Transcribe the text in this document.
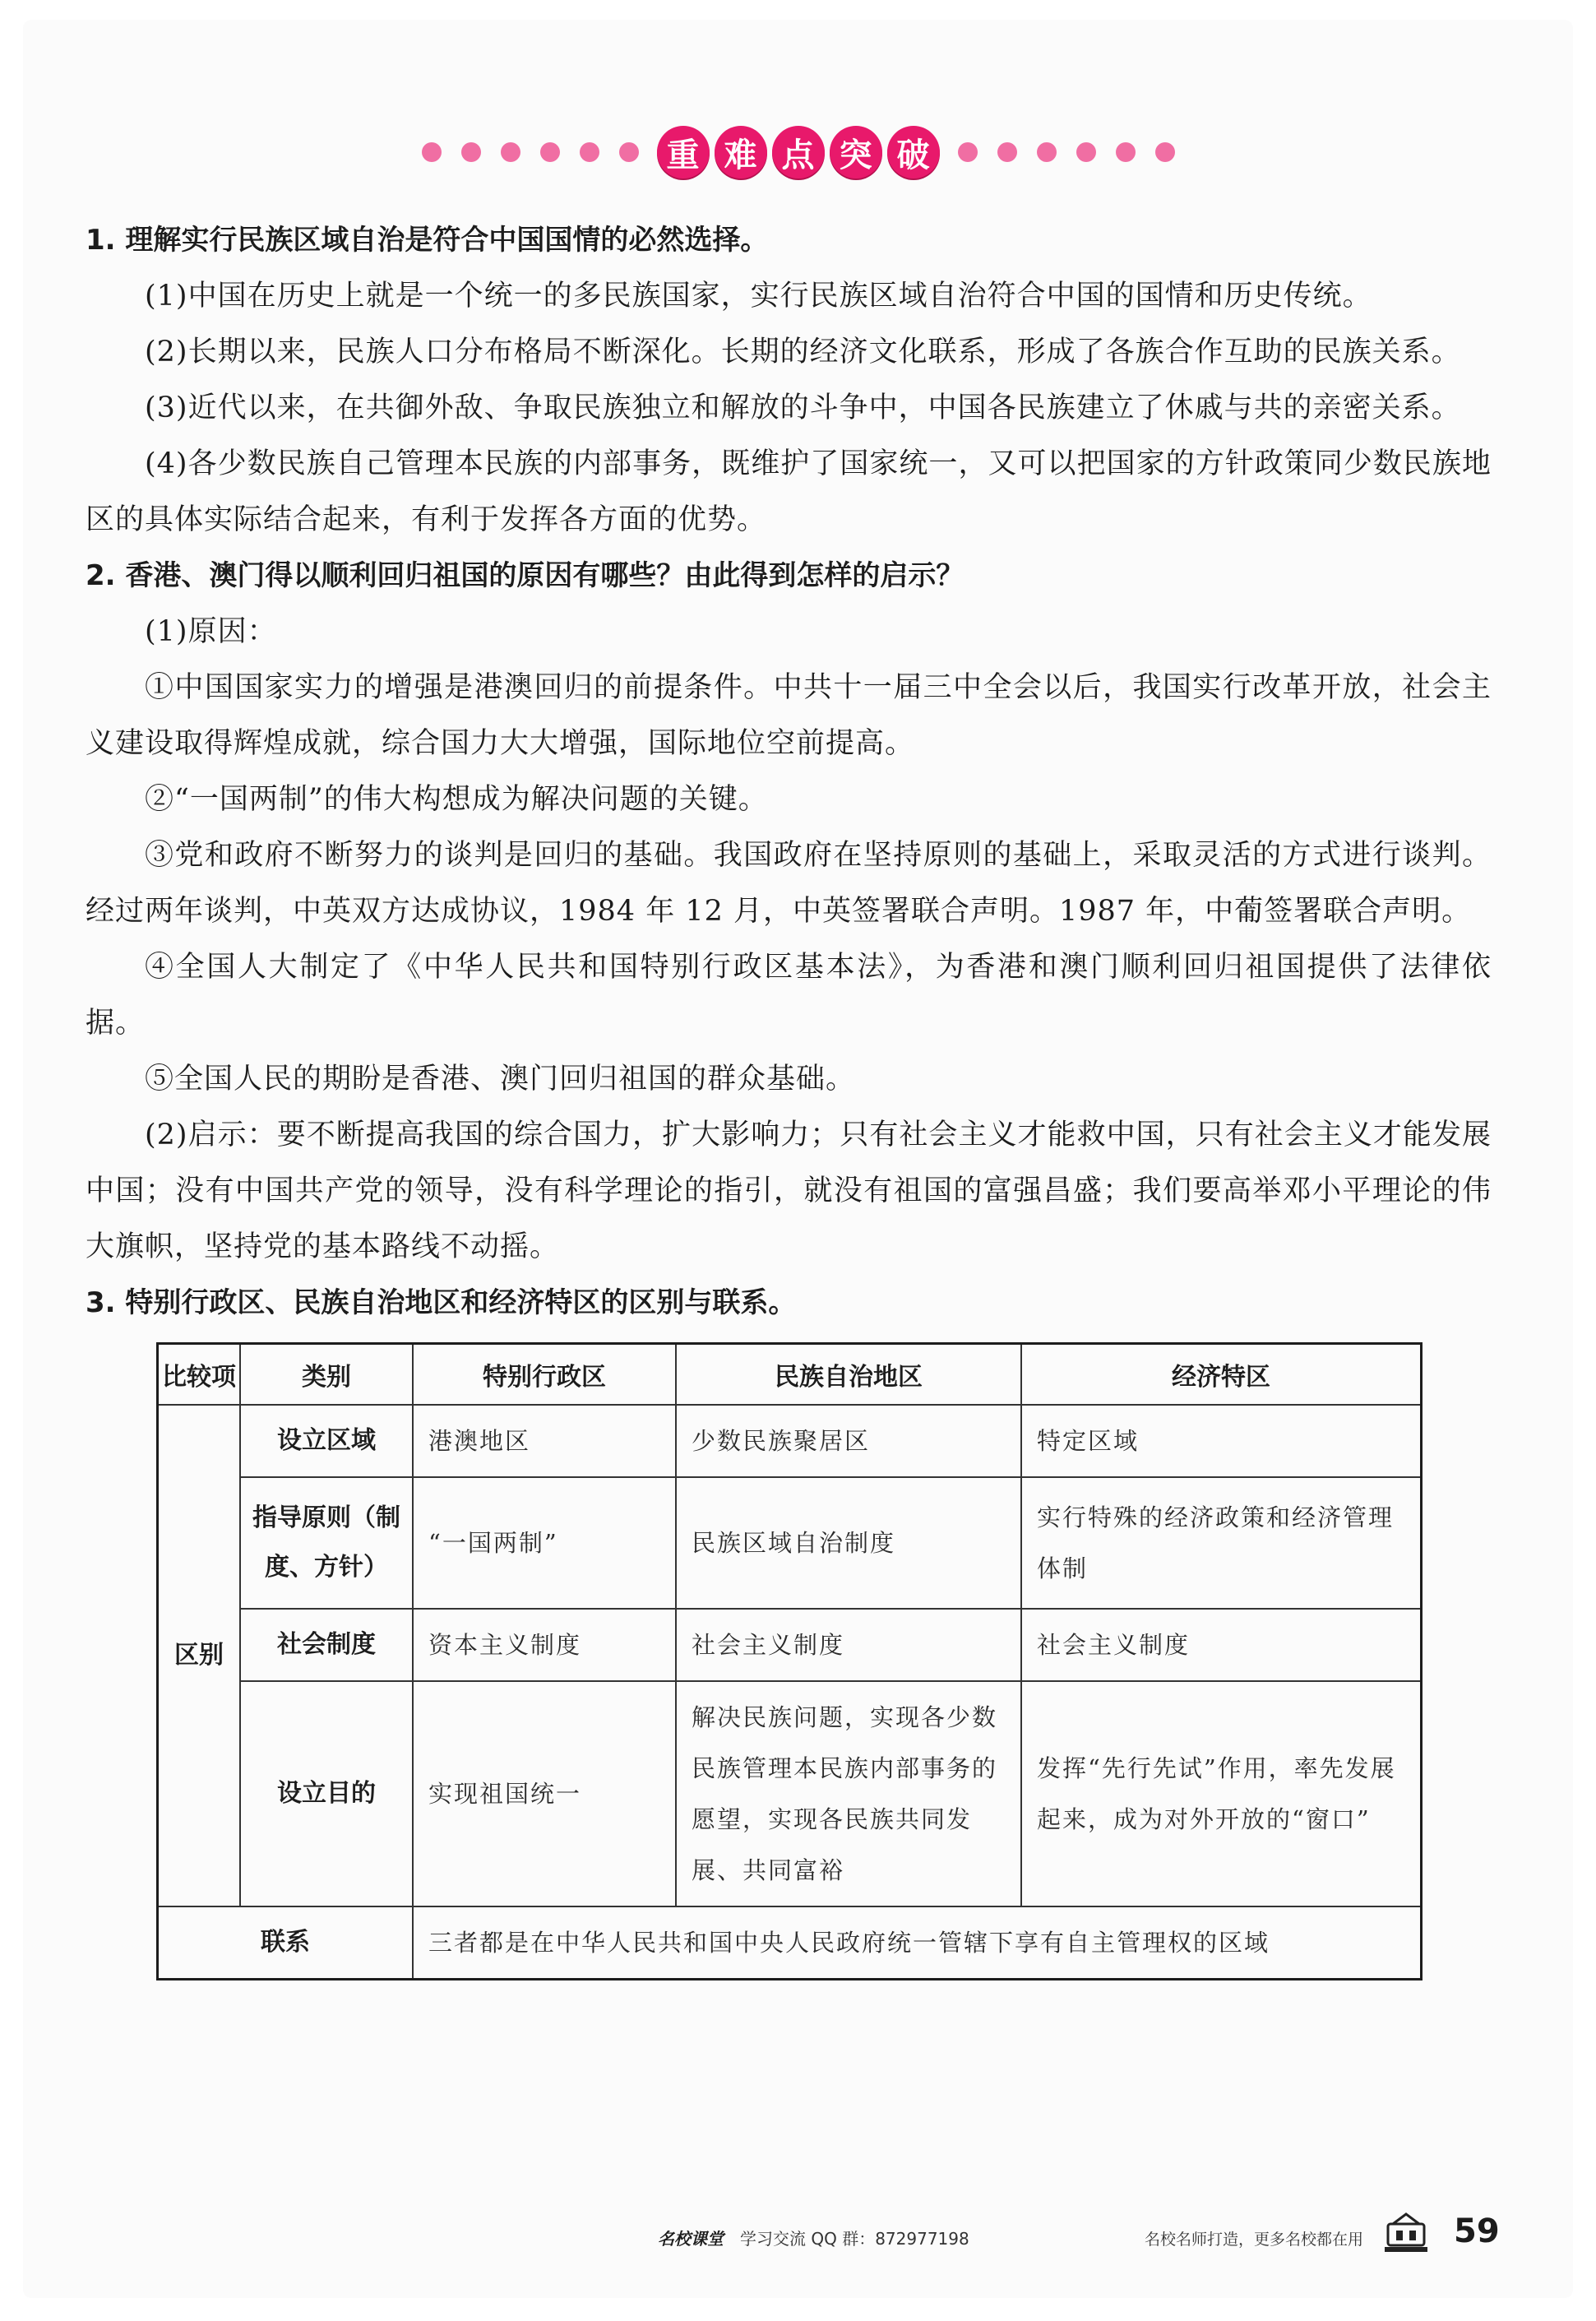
重 难 点 突 破

1. 理解实行民族区域自治是符合中国国情的必然选择。

(1)中国在历史上就是一个统一的多民族国家，实行民族区域自治符合中国的国情和历史传统。

(2)长期以来，民族人口分布格局不断深化。长期的经济文化联系，形成了各族合作互助的民族关系。

(3)近代以来，在共御外敌、争取民族独立和解放的斗争中，中国各民族建立了休戚与共的亲密关系。

(4)各少数民族自己管理本民族的内部事务，既维护了国家统一，又可以把国家的方针政策同少数民族地区的具体实际结合起来，有利于发挥各方面的优势。

2. 香港、澳门得以顺利回归祖国的原因有哪些？由此得到怎样的启示？

(1)原因：

①中国国家实力的增强是港澳回归的前提条件。中共十一届三中全会以后，我国实行改革开放，社会主义建设取得辉煌成就，综合国力大大增强，国际地位空前提高。

②“一国两制”的伟大构想成为解决问题的关键。

③党和政府不断努力的谈判是回归的基础。我国政府在坚持原则的基础上，采取灵活的方式进行谈判。经过两年谈判，中英双方达成协议，1984 年 12 月，中英签署联合声明。1987 年，中葡签署联合声明。

④全国人大制定了《中华人民共和国特别行政区基本法》，为香港和澳门顺利回归祖国提供了法律依据。

⑤全国人民的期盼是香港、澳门回归祖国的群众基础。

(2)启示：要不断提高我国的综合国力，扩大影响力；只有社会主义才能救中国，只有社会主义才能发展中国；没有中国共产党的领导，没有科学理论的指引，就没有祖国的富强昌盛；我们要高举邓小平理论的伟大旗帜，坚持党的基本路线不动摇。

3. 特别行政区、民族自治地区和经济特区的区别与联系。

比较项	类别	特别行政区	民族自治地区	经济特区
区别	设立区域	港澳地区	少数民族聚居区	特定区域
	指导原则（制度、方针）	“一国两制”	民族区域自治制度	实行特殊的经济政策和经济管理体制
	社会制度	资本主义制度	社会主义制度	社会主义制度
	设立目的	实现祖国统一	解决民族问题，实现各少数民族管理本民族内部事务的愿望，实现各民族共同发展、共同富裕	发挥“先行先试”作用，率先发展起来，成为对外开放的“窗口”
联系		三者都是在中华人民共和国中央人民政府统一管辖下享有自主管理权的区域		
名校课堂 学习交流 QQ 群：872977198	名校名师打造，更多名校都在用	59
